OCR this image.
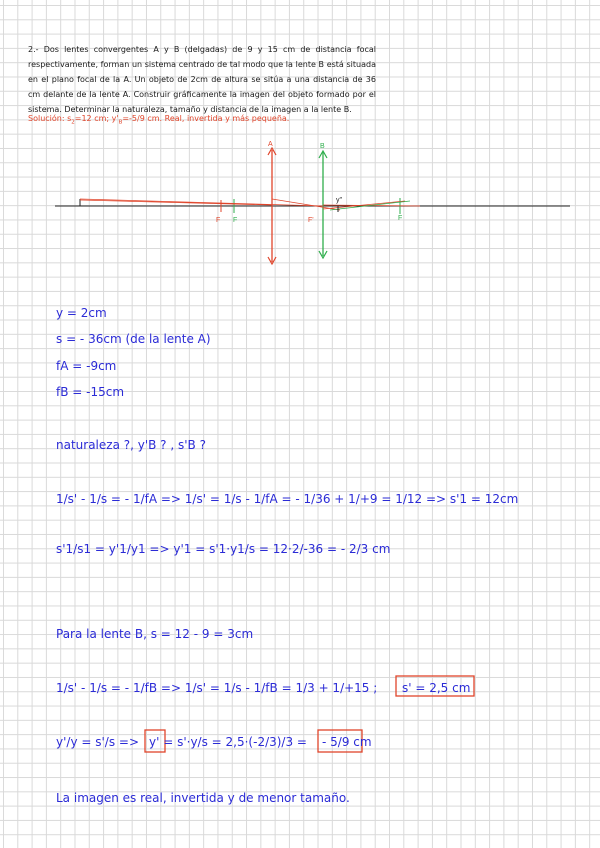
2.- Dos lentes convergentes A y B (delgadas) de 9 y 15 cm de distancia focal respectivamente, forman un sistema centrado de tal modo que la lente B está situada en el plano focal de la A. Un objeto de 2cm de altura se sitúa a una distancia de 36 cm delante de la lente A. Construir gráficamente la imagen del objeto formado por el sistema. Determinar la naturaleza, tamaño y distancia de la imagen a la lente B.
Solución: $s_2=12$ cm; $y'_B=-5/9$ cm. Real, invertida y más pequeña.
A	B
F F	F'	F
y''
y = 2cm
s = - 36cm (de la lente A)
fA = -9cm
fB = -15cm
naturaleza ?, y'B ? , s'B ?
1/s' - 1/s = - 1/fA => 1/s' = 1/s - 1/fA = - 1/36 + 1/+9 = 1/12 => s'1 = 12cm
s'1/s1 = y'1/y1 => y'1 = s'1·y1/s = 12·2/-36 = - 2/3 cm
Para la lente B, s = 12 - 9 = 3cm
1/s' - 1/s = - 1/fB => 1/s' = 1/s - 1/fB = 1/3 + 1/+15 ; s' = 2,5 cm
y'/y = s'/s => y' = s'·y/s = 2,5·(-2/3)/3 = - 5/9 cm
La imagen es real, invertida y de menor tamaño.
